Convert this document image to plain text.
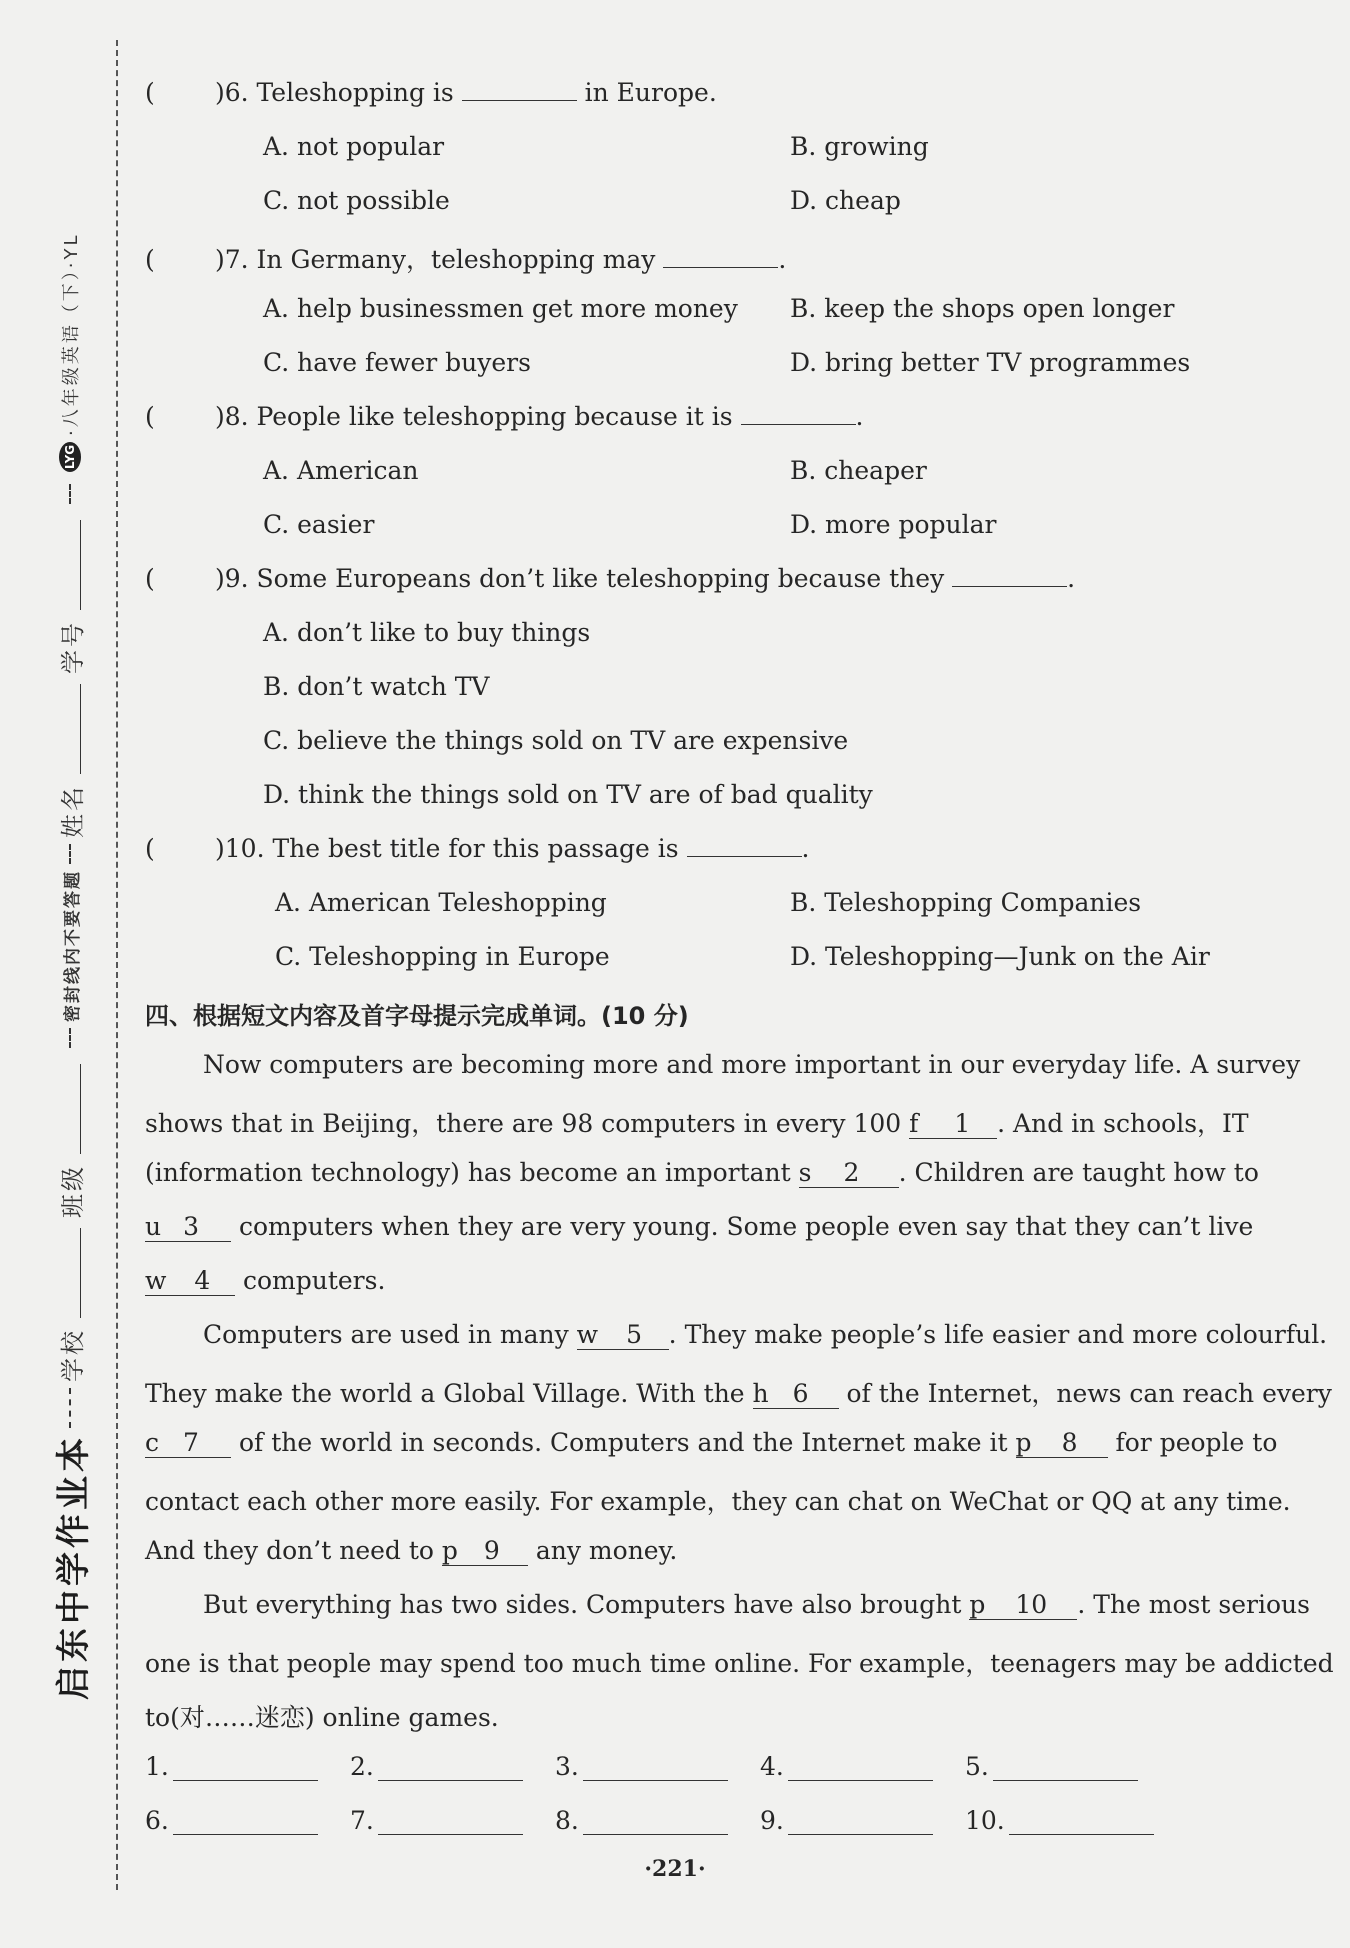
启东中学作业本
学校
班级
密封线内不要答题
姓名
学号
LYG
·八年级英语（下）·YL
( )6. Teleshopping is	in Europe.
A. not popular	B. growing
C. not possible	D. cheap
( )7. In Germany，teleshopping may	.
A. help businessmen get more money B. keep the shops open longer
C. have fewer buyers	D. bring better TV programmes
( )8. People like teleshopping because it is	.
A. American	B. cheaper
C. easier	D. more popular
( )9. Some Europeans don’t like teleshopping because they	.
A. don’t like to buy things
B. don’t watch TV
C. believe the things sold on TV are expensive
D. think the things sold on TV are of bad quality
( )10. The best title for this passage is	.
A. American Teleshopping	B. Teleshopping Companies
C. Teleshopping in Europe	D. Teleshopping—Junk on the Air
四、根据短文内容及首字母提示完成单词。(10 分)
Now computers are becoming more and more important in our everyday life. A survey
shows that in Beijing，there are 98 computers in every 100 f 1 . And in schools，IT
(information technology) has become an important s 2 . Children are taught how to
u 3 computers when they are very young. Some people even say that they can’t live
w 4 computers.
Computers are used in many w 5 . They make people’s life easier and more colourful.
They make the world a Global Village. With the h 6 of the Internet，news can reach every
c 7 of the world in seconds. Computers and the Internet make it p 8 for people to
contact each other more easily. For example，they can chat on WeChat or QQ at any time.
And they don’t need to p 9 any money.
But everything has two sides. Computers have also brought p 10 . The most serious
one is that people may spend too much time online. For example，teenagers may be addicted
to(对……迷恋) online games.
1.	2.	3.	4.	5.
6.	7.	8.	9.	10.
·221·
